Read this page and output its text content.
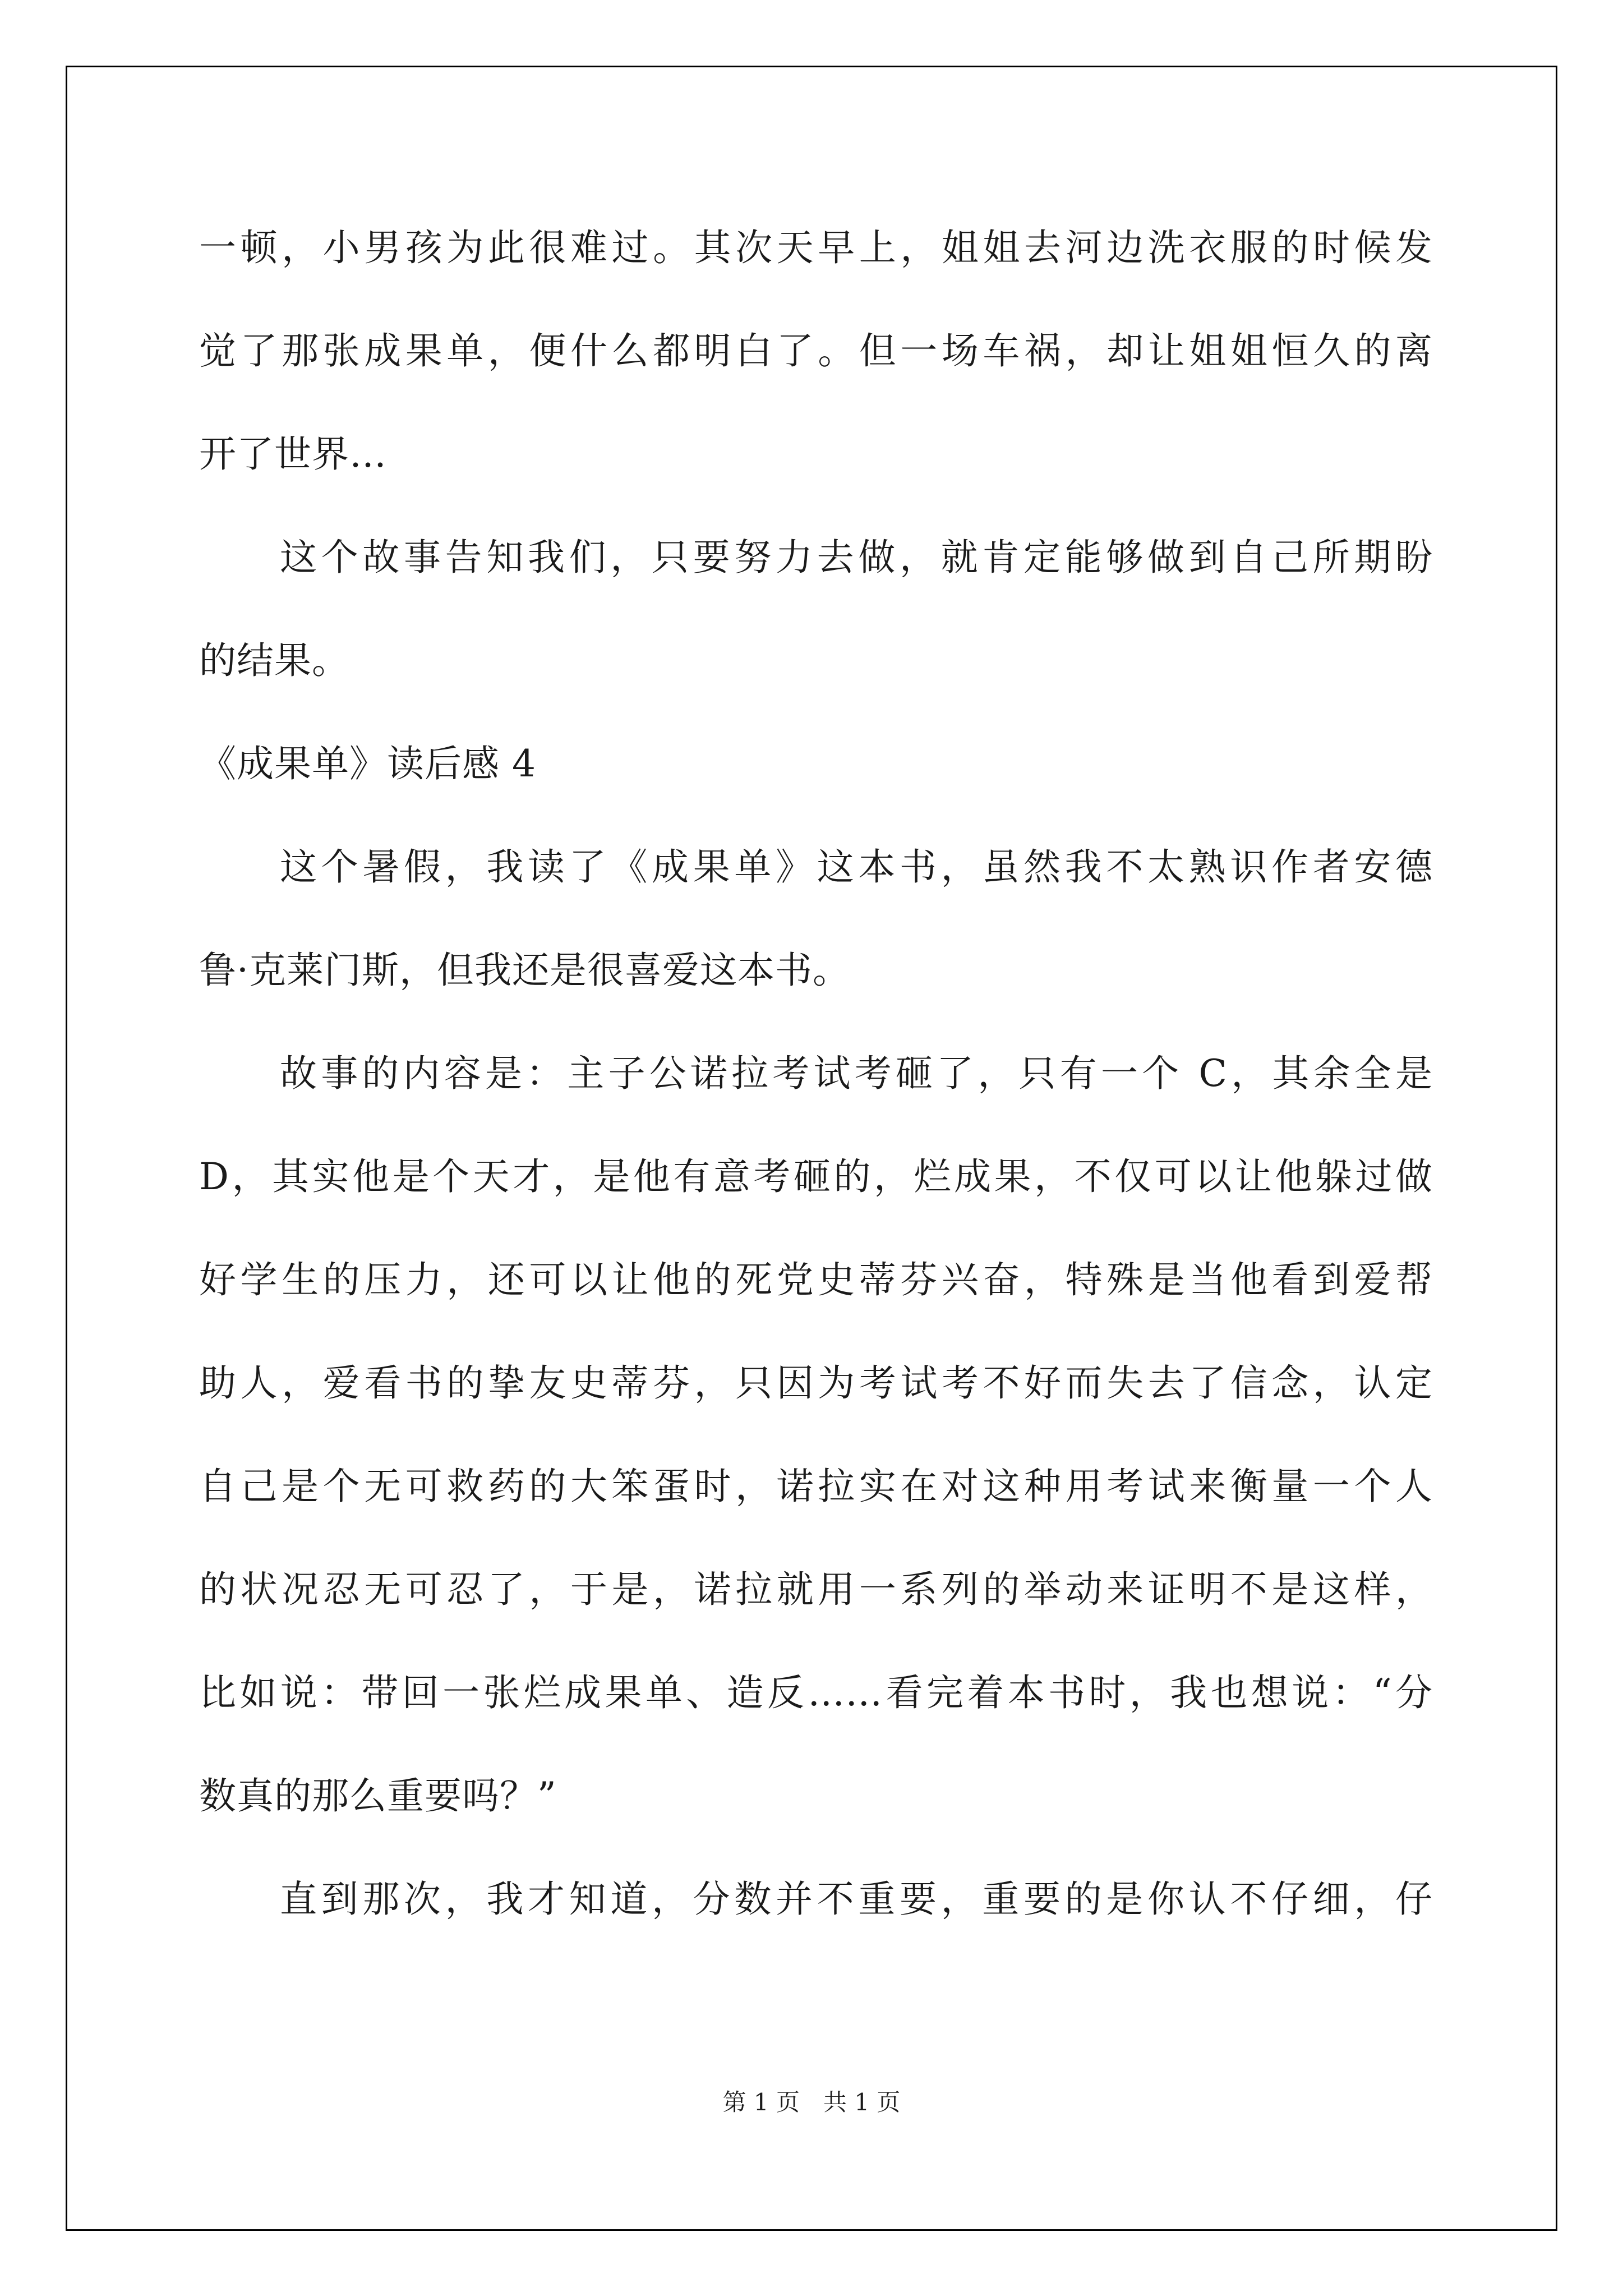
一顿，小男孩为此很难过。其次天早上，姐姐去河边洗衣服的时候发
觉了那张成果单，便什么都明白了。但一场车祸，却让姐姐恒久的离
开了世界…
这个故事告知我们，只要努力去做，就肯定能够做到自己所期盼
的结果。
《成果单》读后感 4
这个暑假，我读了《成果单》这本书，虽然我不太熟识作者安德
鲁·克莱门斯，但我还是很喜爱这本书。
故事的内容是：主子公诺拉考试考砸了，只有一个 C，其余全是
D，其实他是个天才，是他有意考砸的，烂成果，不仅可以让他躲过做
好学生的压力，还可以让他的死党史蒂芬兴奋，特殊是当他看到爱帮
助人，爱看书的挚友史蒂芬，只因为考试考不好而失去了信念，认定
自己是个无可救药的大笨蛋时，诺拉实在对这种用考试来衡量一个人
的状况忍无可忍了，于是，诺拉就用一系列的举动来证明不是这样，
比如说：带回一张烂成果单、造反……看完着本书时，我也想说：“分
数真的那么重要吗？”
直到那次，我才知道，分数并不重要，重要的是你认不仔细，仔
第 1 页　共 1 页
